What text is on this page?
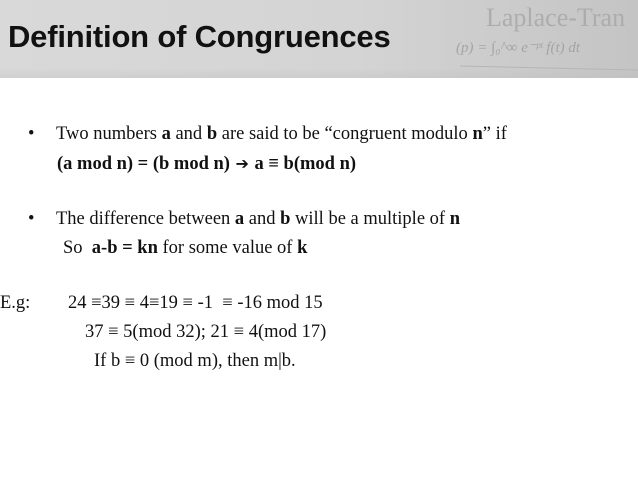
Laplace-Tran
(p) = ∫₀^∞ e⁻ᵖᵗ f(t) dt
Definition of Congruences
•	Two numbers a and b are said to be “congruent modulo n” if
(a mod n) = (b mod n) ➔ a ≡ b(mod n)
•	The difference between a and b will be a multiple of n
So  a-b = kn for some value of k
E.g: 24 ≡39 ≡ 4≡19 ≡ -1  ≡ -16 mod 15
37 ≡ 5(mod 32); 21 ≡ 4(mod 17)
If b ≡ 0 (mod m), then m|b.
